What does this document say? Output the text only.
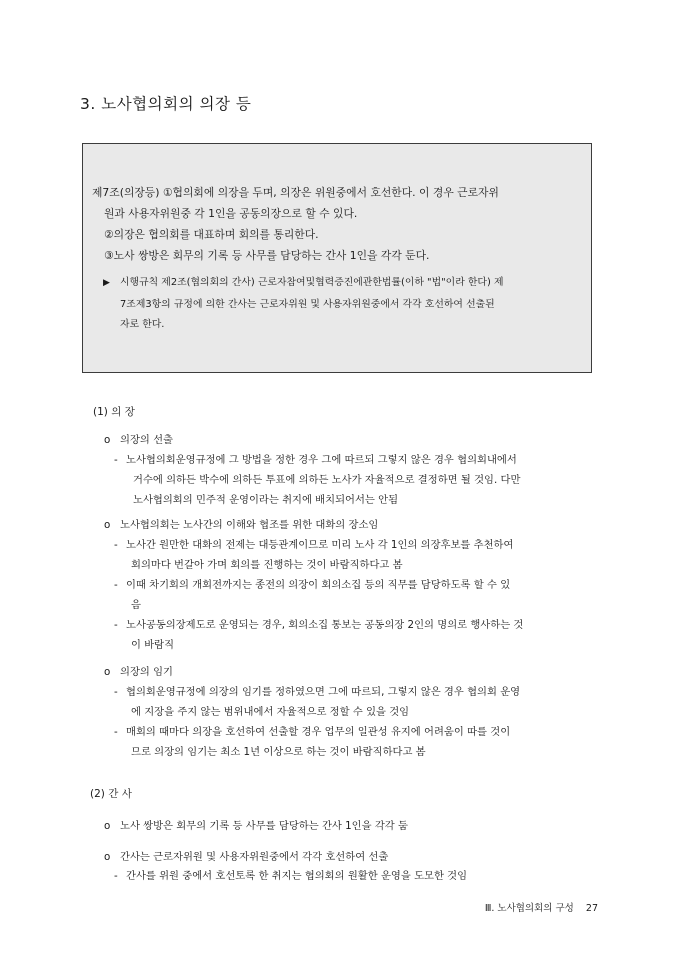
3. 노사협의회의 의장 등
제7조(의장등) ①협의회에 의장을 두며, 의장은 위원중에서 호선한다. 이 경우 근로자위
원과 사용자위원중 각 1인을 공동의장으로 할 수 있다.
②의장은 협의회를 대표하며 회의를 통리한다.
③노사 쌍방은 회무의 기록 등 사무를 담당하는 간사 1인을 각각 둔다.
▶ 시행규칙 제2조(협의회의 간사) 근로자참여및협력증진에관한법률(이하 "법"이라 한다) 제
7조제3항의 규정에 의한 간사는 근로자위원 및 사용자위원중에서 각각 호선하여 선출된
자로 한다.
(1) 의 장
o 의장의 선출
- 노사협의회운영규정에 그 방법을 정한 경우 그에 따르되 그렇지 않은 경우 협의회내에서
거수에 의하든 박수에 의하든 투표에 의하든 노사가 자율적으로 결정하면 될 것임. 다만
노사협의회의 민주적 운영이라는 취지에 배치되어서는 안됨
o 노사협의회는 노사간의 이해와 협조를 위한 대화의 장소임
- 노사간 원만한 대화의 전제는 대등관계이므로 미리 노사 각 1인의 의장후보를 추천하여
회의마다 번갈아 가며 회의를 진행하는 것이 바람직하다고 봄
- 이때 차기회의 개회전까지는 종전의 의장이 회의소집 등의 직무를 담당하도록 할 수 있
음
- 노사공동의장제도로 운영되는 경우, 회의소집 통보는 공동의장 2인의 명의로 행사하는 것
이 바람직
o 의장의 임기
- 협의회운영규정에 의장의 임기를 정하였으면 그에 따르되, 그렇지 않은 경우 협의회 운영
에 지장을 주지 않는 범위내에서 자율적으로 정할 수 있을 것임
- 매회의 때마다 의장을 호선하여 선출할 경우 업무의 일관성 유지에 어려움이 따를 것이
므로 의장의 임기는 최소 1년 이상으로 하는 것이 바람직하다고 봄
(2) 간 사
o 노사 쌍방은 회무의 기록 등 사무를 담당하는 간사 1인을 각각 둠
o 간사는 근로자위원 및 사용자위원중에서 각각 호선하여 선출
- 간사를 위원 중에서 호선토록 한 취지는 협의회의 원활한 운영을 도모한 것임
Ⅲ. 노사협의회의 구성 27
